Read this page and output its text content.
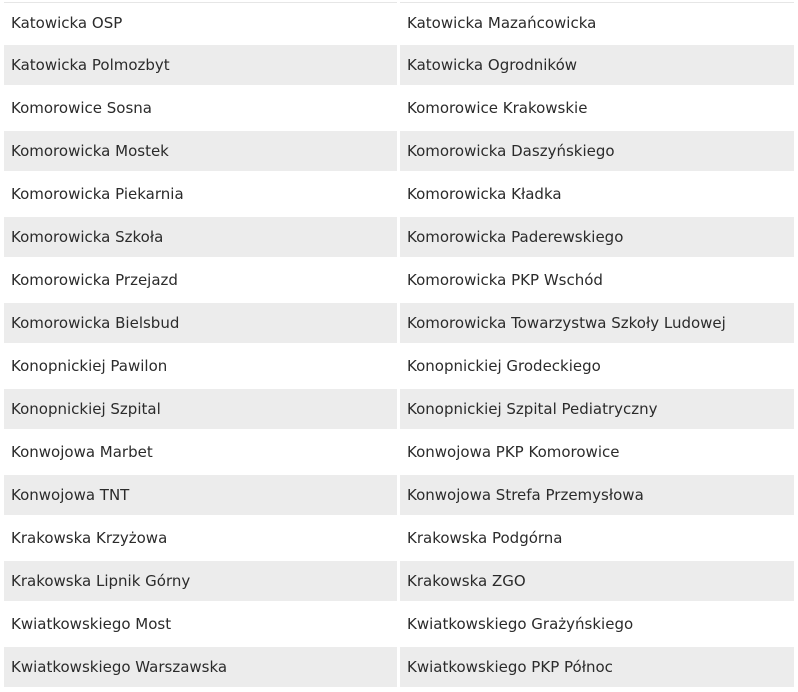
Katowicka OSP	Katowicka Mazańcowicka
Katowicka Polmozbyt	Katowicka Ogrodników
Komorowice Sosna	Komorowice Krakowskie
Komorowicka Mostek	Komorowicka Daszyńskiego
Komorowicka Piekarnia	Komorowicka Kładka
Komorowicka Szkoła	Komorowicka Paderewskiego
Komorowicka Przejazd	Komorowicka PKP Wschód
Komorowicka Bielsbud	Komorowicka Towarzystwa Szkoły Ludowej
Konopnickiej Pawilon	Konopnickiej Grodeckiego
Konopnickiej Szpital	Konopnickiej Szpital Pediatryczny
Konwojowa Marbet	Konwojowa PKP Komorowice
Konwojowa TNT	Konwojowa Strefa Przemysłowa
Krakowska Krzyżowa	Krakowska Podgórna
Krakowska Lipnik Górny	Krakowska ZGO
Kwiatkowskiego Most	Kwiatkowskiego Grażyńskiego
Kwiatkowskiego Warszawska	Kwiatkowskiego PKP Północ
